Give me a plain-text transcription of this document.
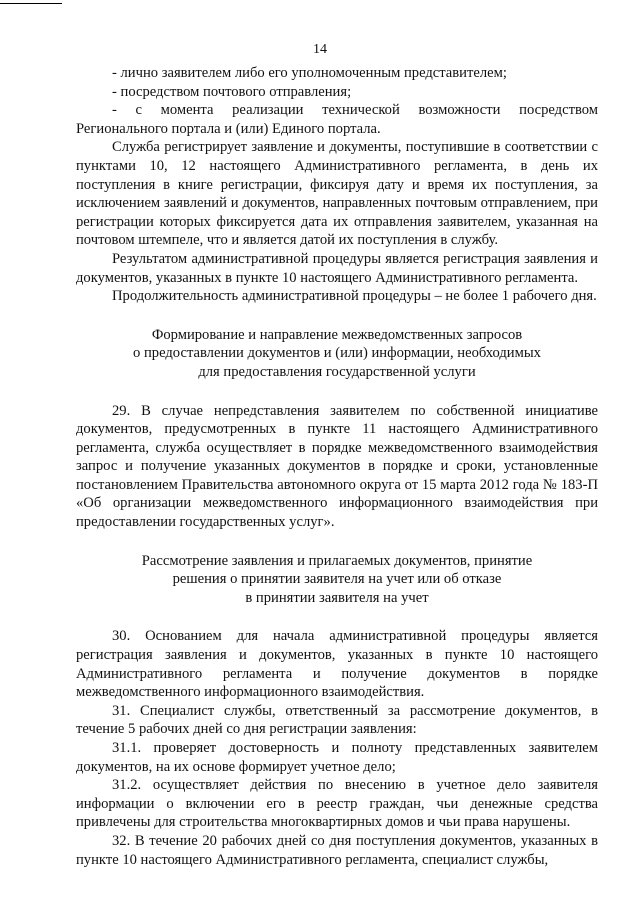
14

- лично заявителем либо его уполномоченным представителем;

- посредством почтового отправления;

- с момента реализации технической возможности посредством Регионального портала и (или) Единого портала.

Служба регистрирует заявление и документы, поступившие в соответствии с пунктами 10, 12 настоящего Административного регламента, в день их поступления в книге регистрации, фиксируя дату и время их поступления, за исключением заявлений и документов, направленных почтовым отправлением, при регистрации которых фиксируется дата их отправления заявителем, указанная на почтовом штемпеле, что и является датой их поступления в службу.

Результатом административной процедуры является регистрация заявления и документов, указанных в пункте 10 настоящего Административного регламента.

Продолжительность административной процедуры – не более 1 рабочего дня.

Формирование и направление межведомственных запросов
о предоставлении документов и (или) информации, необходимых
для предоставления государственной услуги

29. В случае непредставления заявителем по собственной инициативе документов, предусмотренных в пункте 11 настоящего Административного регламента, служба осуществляет в порядке межведомственного взаимодействия запрос и получение указанных документов в порядке и сроки, установленные постановлением Правительства автономного округа от 15 марта 2012 года № 183-П «Об организации межведомственного информационного взаимодействия при предоставлении государственных услуг».

Рассмотрение заявления и прилагаемых документов, принятие
решения о принятии заявителя на учет или об отказе
в принятии заявителя на учет

30. Основанием для начала административной процедуры является регистрация заявления и документов, указанных в пункте 10 настоящего Административного регламента и получение документов в порядке межведомственного информационного взаимодействия.

31. Специалист службы, ответственный за рассмотрение документов, в течение 5 рабочих дней со дня регистрации заявления:

31.1. проверяет достоверность и полноту представленных заявителем документов, на их основе формирует учетное дело;

31.2. осуществляет действия по внесению в учетное дело заявителя информации о включении его в реестр граждан, чьи денежные средства привлечены для строительства многоквартирных домов и чьи права нарушены.

32. В течение 20 рабочих дней со дня поступления документов, указанных в пункте 10 настоящего Административного регламента, специалист службы,
